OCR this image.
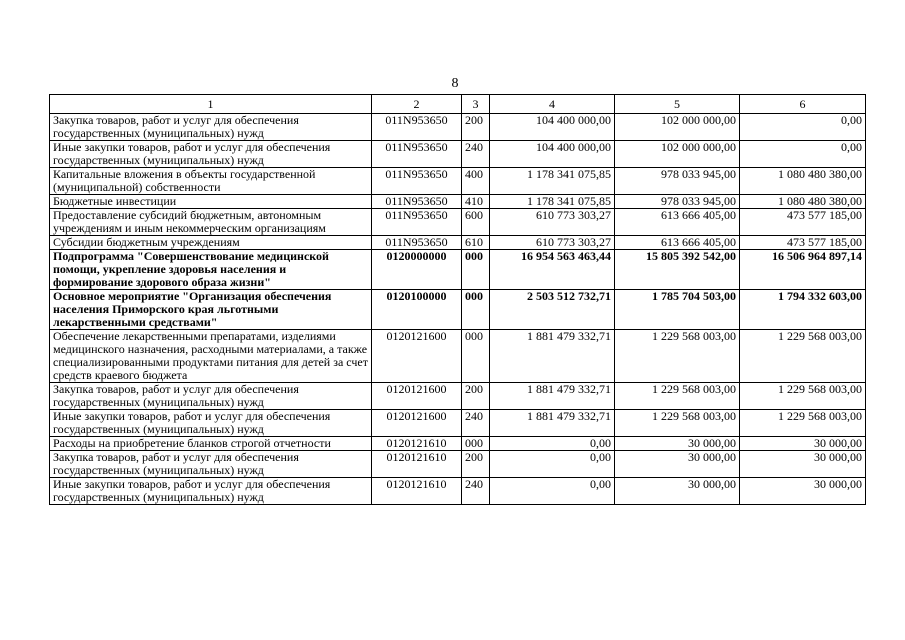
8
1	2	3	4	5	6
Закупка товаров, работ и услуг для обеспечения государственных (муниципальных) нужд	011N953650	200	104 400 000,00	102 000 000,00	0,00
Иные закупки товаров, работ и услуг для обеспечения государственных (муниципальных) нужд	011N953650	240	104 400 000,00	102 000 000,00	0,00
Капитальные вложения в объекты государственной (муниципальной) собственности	011N953650	400	1 178 341 075,85	978 033 945,00	1 080 480 380,00
Бюджетные инвестиции	011N953650	410	1 178 341 075,85	978 033 945,00	1 080 480 380,00
Предоставление субсидий бюджетным, автономным учреждениям и иным некоммерческим организациям	011N953650	600	610 773 303,27	613 666 405,00	473 577 185,00
Субсидии бюджетным учреждениям	011N953650	610	610 773 303,27	613 666 405,00	473 577 185,00
Подпрограмма "Совершенствование медицинской помощи, укрепление здоровья населения и формирование здорового образа жизни"	0120000000	000	16 954 563 463,44	15 805 392 542,00	16 506 964 897,14
Основное мероприятие "Организация обеспечения населения Приморского края льготными лекарственными средствами"	0120100000	000	2 503 512 732,71	1 785 704 503,00	1 794 332 603,00
Обеспечение лекарственными препаратами, изделиями медицинского назначения, расходными материалами, а также специализированными продуктами питания для детей за счет средств краевого бюджета	0120121600	000	1 881 479 332,71	1 229 568 003,00	1 229 568 003,00
Закупка товаров, работ и услуг для обеспечения государственных (муниципальных) нужд	0120121600	200	1 881 479 332,71	1 229 568 003,00	1 229 568 003,00
Иные закупки товаров, работ и услуг для обеспечения государственных (муниципальных) нужд	0120121600	240	1 881 479 332,71	1 229 568 003,00	1 229 568 003,00
Расходы на приобретение бланков строгой отчетности	0120121610	000	0,00	30 000,00	30 000,00
Закупка товаров, работ и услуг для обеспечения государственных (муниципальных) нужд	0120121610	200	0,00	30 000,00	30 000,00
Иные закупки товаров, работ и услуг для обеспечения государственных (муниципальных) нужд	0120121610	240	0,00	30 000,00	30 000,00
